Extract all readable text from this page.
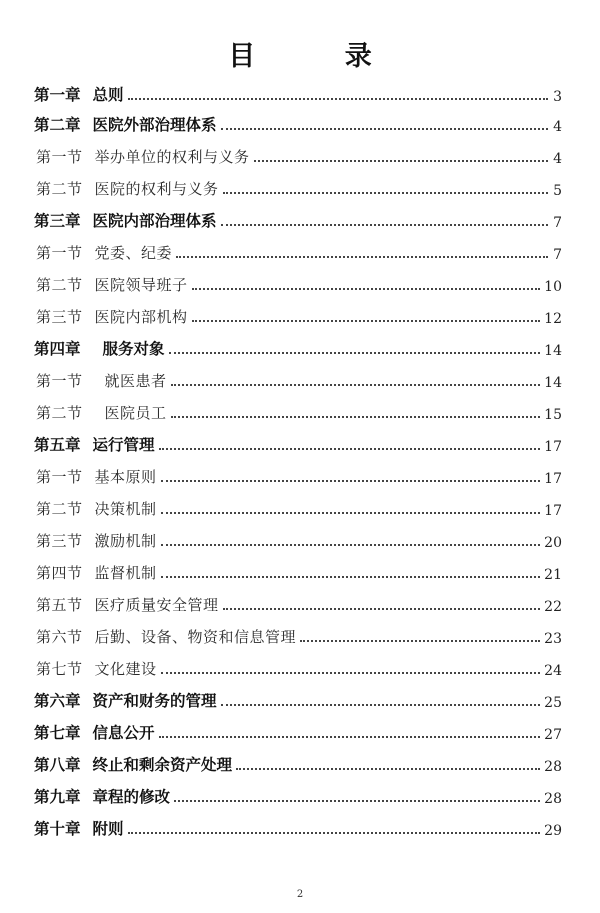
目 录
第一章 总则	3
第二章 医院外部治理体系	4
第一节 举办单位的权利与义务	4
第二节 医院的权利与义务	5
第三章 医院内部治理体系	7
第一节 党委、纪委	7
第二节 医院领导班子	10
第三节 医院内部机构	12
第四章 服务对象	14
第一节 就医患者	14
第二节 医院员工	15
第五章 运行管理	17
第一节 基本原则	17
第二节 决策机制	17
第三节 激励机制	20
第四节 监督机制	21
第五节 医疗质量安全管理	22
第六节 后勤、设备、物资和信息管理	23
第七节 文化建设	24
第六章 资产和财务的管理	25
第七章 信息公开	27
第八章 终止和剩余资产处理	28
第九章 章程的修改	28
第十章 附则	29
2
